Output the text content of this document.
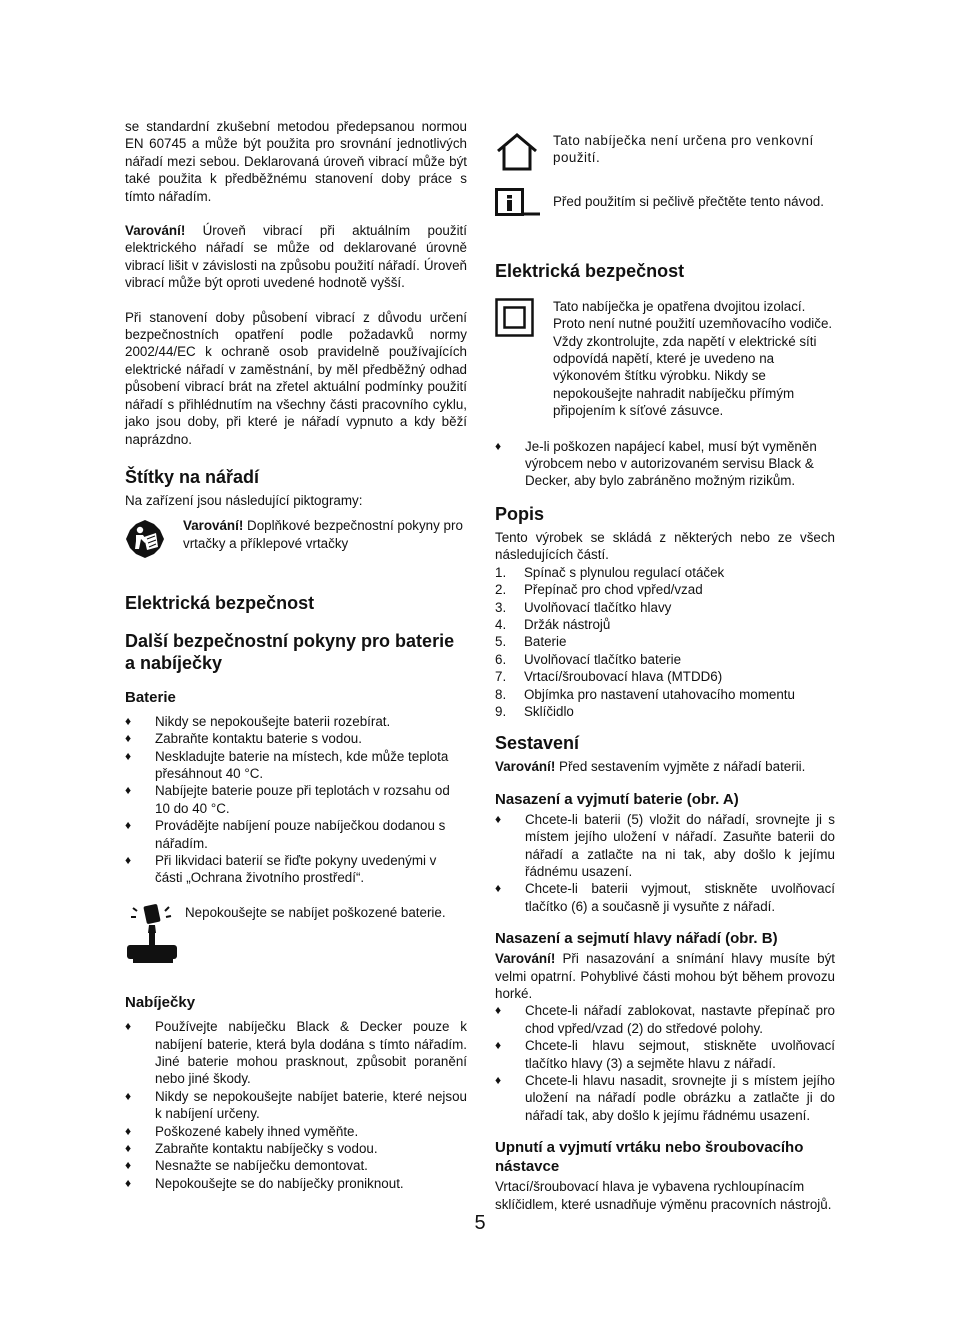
se standardní zkušební metodou předepsanou normou EN 60745 a může být použita pro srovnání jednotlivých nářadí mezi sebou. Deklarovaná úroveň vibrací může být také použita k předběžnému stanovení doby práce s tímto nářadím.

Varování! Úroveň vibrací při aktuálním použití elektrického nářadí se může od deklarované úrovně vibrací lišit v závislosti na způsobu použití nářadí. Úroveň vibrací může být oproti uvedené hodnotě vyšší.

Při stanovení doby působení vibrací z důvodu určení bezpečnostních opatření podle požadavků normy 2002/44/EC k ochraně osob pravidelně používajících elektrické nářadí v zaměstnání, by měl předběžný odhad působení vibrací brát na zřetel aktuální podmínky použití nářadí s přihlédnutím na všechny části pracovního cyklu, jako jsou doby, při které je nářadí vypnuto a kdy běží naprázdno.

Štítky na nářadí

Na zařízení jsou následující piktogramy:

Varování! Doplňkové bezpečnostní pokyny pro vrtačky a příklepové vrtačky

Elektrická bezpečnost
Další bezpečnostní pokyny pro baterie a nabíječky
Baterie
♦ Nikdy se nepokoušejte baterii rozebírat.
♦ Zabraňte kontaktu baterie s vodou.
♦ Neskladujte baterie na místech, kde může teplota přesáhnout 40 °C.
♦ Nabíjejte baterie pouze při teplotách v rozsahu od 10 do 40 °C.
♦ Provádějte nabíjení pouze nabíječkou dodanou s nářadím.
♦ Při likvidaci baterií se řiďte pokyny uvedenými v části „Ochrana životního prostředí“.

Nepokoušejte se nabíjet poškozené baterie.

Nabíječky
♦ Používejte nabíječku Black & Decker pouze k nabíjení baterie, která byla dodána s tímto nářadím. Jiné baterie mohou prasknout, způsobit poranění nebo jiné škody.
♦ Nikdy se nepokoušejte nabíjet baterie, které nejsou k nabíjení určeny.
♦ Poškozené kabely ihned vyměňte.
♦ Zabraňte kontaktu nabíječky s vodou.
♦ Nesnažte se nabíječku demontovat.
♦ Nepokoušejte se do nabíječky proniknout.

Tato nabíječka není určena pro venkovní použití.

Před použitím si pečlivě přečtěte tento návod.

Elektrická bezpečnost

Tato nabíječka je opatřena dvojitou izolací. Proto není nutné použití uzemňovacího vodiče. Vždy zkontrolujte, zda napětí v elektrické síti odpovídá napětí, které je uvedeno na výkonovém štítku výrobku. Nikdy se nepokoušejte nahradit nabíječku přímým připojením k síťové zásuvce.

♦ Je-li poškozen napájecí kabel, musí být vyměněn výrobcem nebo v autorizovaném servisu Black & Decker, aby bylo zabráněno možným rizikům.
Popis

Tento výrobek se skládá z některých nebo ze všech následujících částí.

1.	Spínač s plynulou regulací otáček
2.	Přepínač pro chod vpřed/vzad
3.	Uvolňovací tlačítko hlavy
4.	Držák nástrojů
5.	Baterie
6.	Uvolňovací tlačítko baterie
7.	Vrtací/šroubovací hlava (MTDD6)
8.	Objímka pro nastavení utahovacího momentu
9.	Sklíčidlo
Sestavení

Varování! Před sestavením vyjměte z nářadí baterii.

Nasazení a vyjmutí baterie (obr. A)
♦ Chcete-li baterii (5) vložit do nářadí, srovnejte ji s místem jejího uložení v nářadí. Zasuňte baterii do nářadí a zatlačte na ni tak, aby došlo k jejímu řádnému usazení.
♦ Chcete-li baterii vyjmout, stiskněte uvolňovací tlačítko (6) a současně ji vysuňte z nářadí.
Nasazení a sejmutí hlavy nářadí (obr. B)

Varování! Při nasazování a snímání hlavy musíte být velmi opatrní. Pohyblivé části mohou být během provozu horké.

♦ Chcete-li nářadí zablokovat, nastavte přepínač pro chod vpřed/vzad (2) do středové polohy.
♦ Chcete-li hlavu sejmout, stiskněte uvolňovací tlačítko hlavy (3) a sejměte hlavu z nářadí.
♦ Chcete-li hlavu nasadit, srovnejte ji s místem jejího uložení na nářadí podle obrázku a zatlačte ji do nářadí tak, aby došlo k jejímu řádnému usazení.
Upnutí a vyjmutí vrtáku nebo šroubovacího nástavce

Vrtací/šroubovací hlava je vybavena rychloupínacím sklíčidlem, které usnadňuje výměnu pracovních nástrojů.

5
